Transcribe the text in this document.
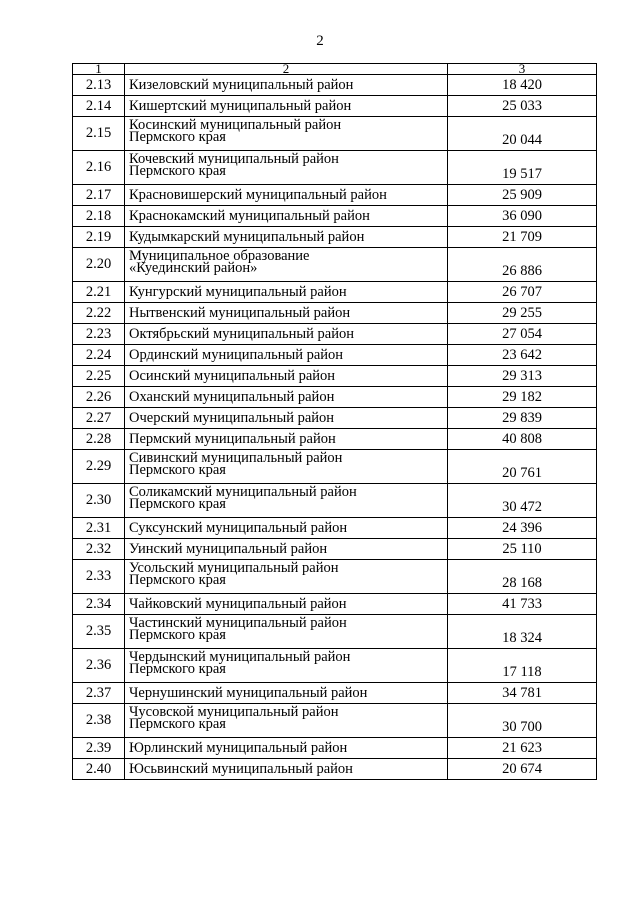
2
1	2	3
2.13	Кизеловский муниципальный район	18 420
2.14	Кишертский муниципальный район	25 033
2.15	Косинский муниципальный район
Пермского края	20 044
2.16	Кочевский муниципальный район
Пермского края	19 517
2.17	Красновишерский муниципальный район	25 909
2.18	Краснокамский муниципальный район	36 090
2.19	Кудымкарский муниципальный район	21 709
2.20	Муниципальное образование
«Куединский район»	26 886
2.21	Кунгурский муниципальный район	26 707
2.22	Нытвенский муниципальный район	29 255
2.23	Октябрьский муниципальный район	27 054
2.24	Ординский муниципальный район	23 642
2.25	Осинский муниципальный район	29 313
2.26	Оханский муниципальный район	29 182
2.27	Очерский муниципальный район	29 839
2.28	Пермский муниципальный район	40 808
2.29	Сивинский муниципальный район
Пермского края	20 761
2.30	Соликамский муниципальный район
Пермского края	30 472
2.31	Суксунский муниципальный район	24 396
2.32	Уинский муниципальный район	25 110
2.33	Усольский муниципальный район
Пермского края	28 168
2.34	Чайковский муниципальный район	41 733
2.35	Частинский муниципальный район
Пермского края	18 324
2.36	Чердынский муниципальный район
Пермского края	17 118
2.37	Чернушинский муниципальный район	34 781
2.38	Чусовской муниципальный район
Пермского края	30 700
2.39	Юрлинский муниципальный район	21 623
2.40	Юсьвинский муниципальный район	20 674
